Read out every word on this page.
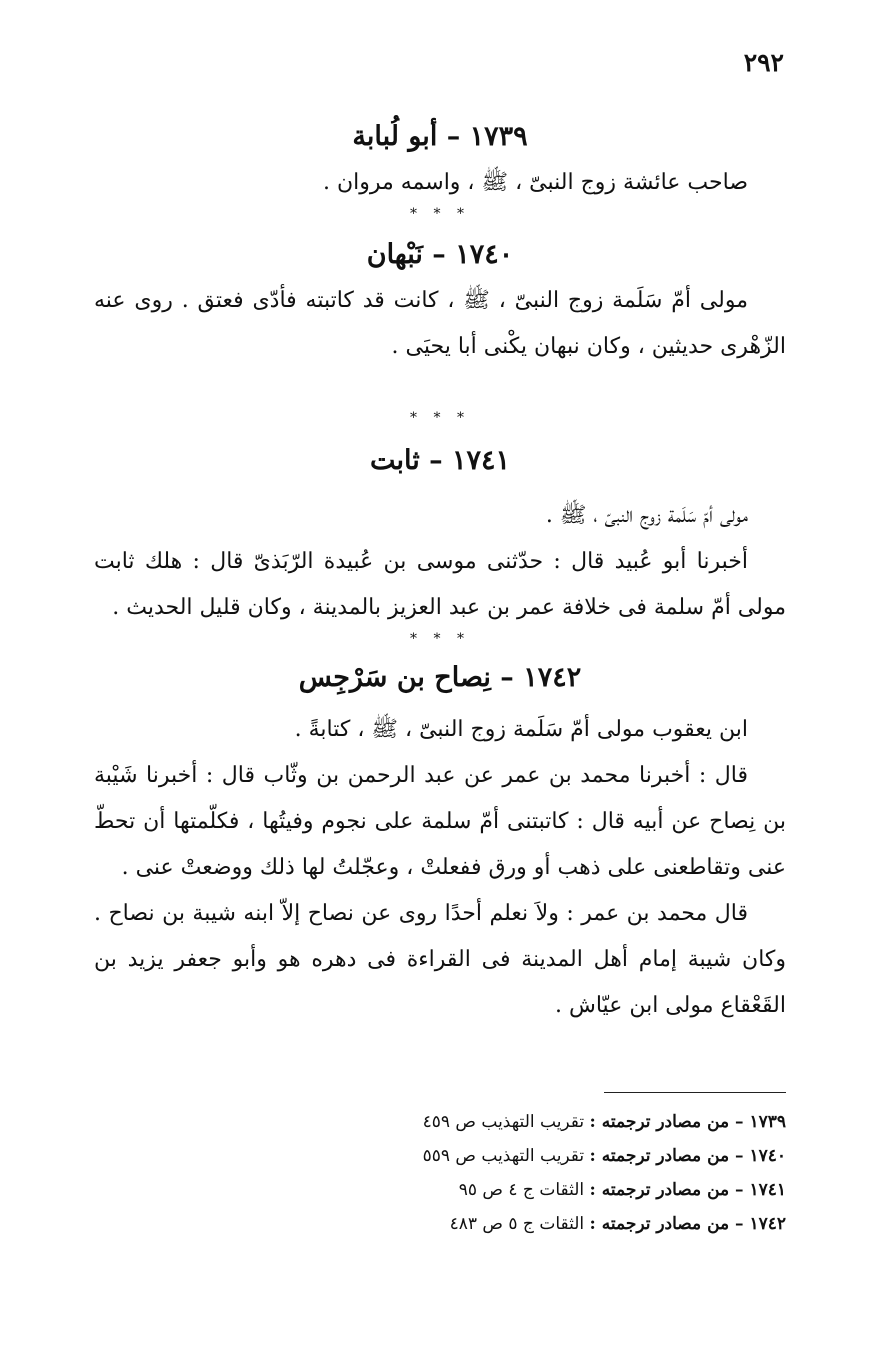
٢٩٢
١٧٣٩ – أبو لُبابة

صاحب عائشة زوج النبىّ ، ﷺ ، واسمه مروان .

* * *

١٧٤٠ – نَبْهان

مولى أمّ سَلَمة زوج النبىّ ، ﷺ ، كانت قد كاتبته فأدّى فعتق . روى عنه الزّهْرى حديثين ، وكان نبهان يكْنى أبا يحيَى .

* * *

١٧٤١ – ثابت

مولى أمّ سَلَمة زوج النبىّ ، ﷺ .

أخبرنا أبو عُبيد قال : حدّثنى موسى بن عُبيدة الرّبَذىّ قال : هلك ثابت مولى أمّ سلمة فى خلافة عمر بن عبد العزيز بالمدينة ، وكان قليل الحديث .

* * *

١٧٤٢ – نِصاح بن سَرْجِس

ابن يعقوب مولى أمّ سَلَمة زوج النبىّ ، ﷺ ، كتابةً .

قال : أخبرنا محمد بن عمر عن عبد الرحمن بن وثّاب قال : أخبرنا شَيْبة بن نِصاح عن أبيه قال : كاتبتنى أمّ سلمة على نجوم وفيتُها ، فكلّمتها أن تحطّ عنى وتقاطعنى على ذهب أو ورق ففعلتْ ، وعجّلتُ لها ذلك ووضعتْ عنى .

قال محمد بن عمر : ولاَ نعلم أحدًا روى عن نصاح إلاّ ابنه شيبة بن نصاح . وكان شيبة إمام أهل المدينة فى القراءة فى دهره هو وأبو جعفر يزيد بن القَعْقاع مولى ابن عيّاش .

١٧٣٩ – من مصادر ترجمته : تقريب التهذيب ص ٤٥٩

١٧٤٠ – من مصادر ترجمته : تقريب التهذيب ص ٥٥٩

١٧٤١ – من مصادر ترجمته : الثقات ج ٤ ص ٩٥

١٧٤٢ – من مصادر ترجمته : الثقات ج ٥ ص ٤٨٣
